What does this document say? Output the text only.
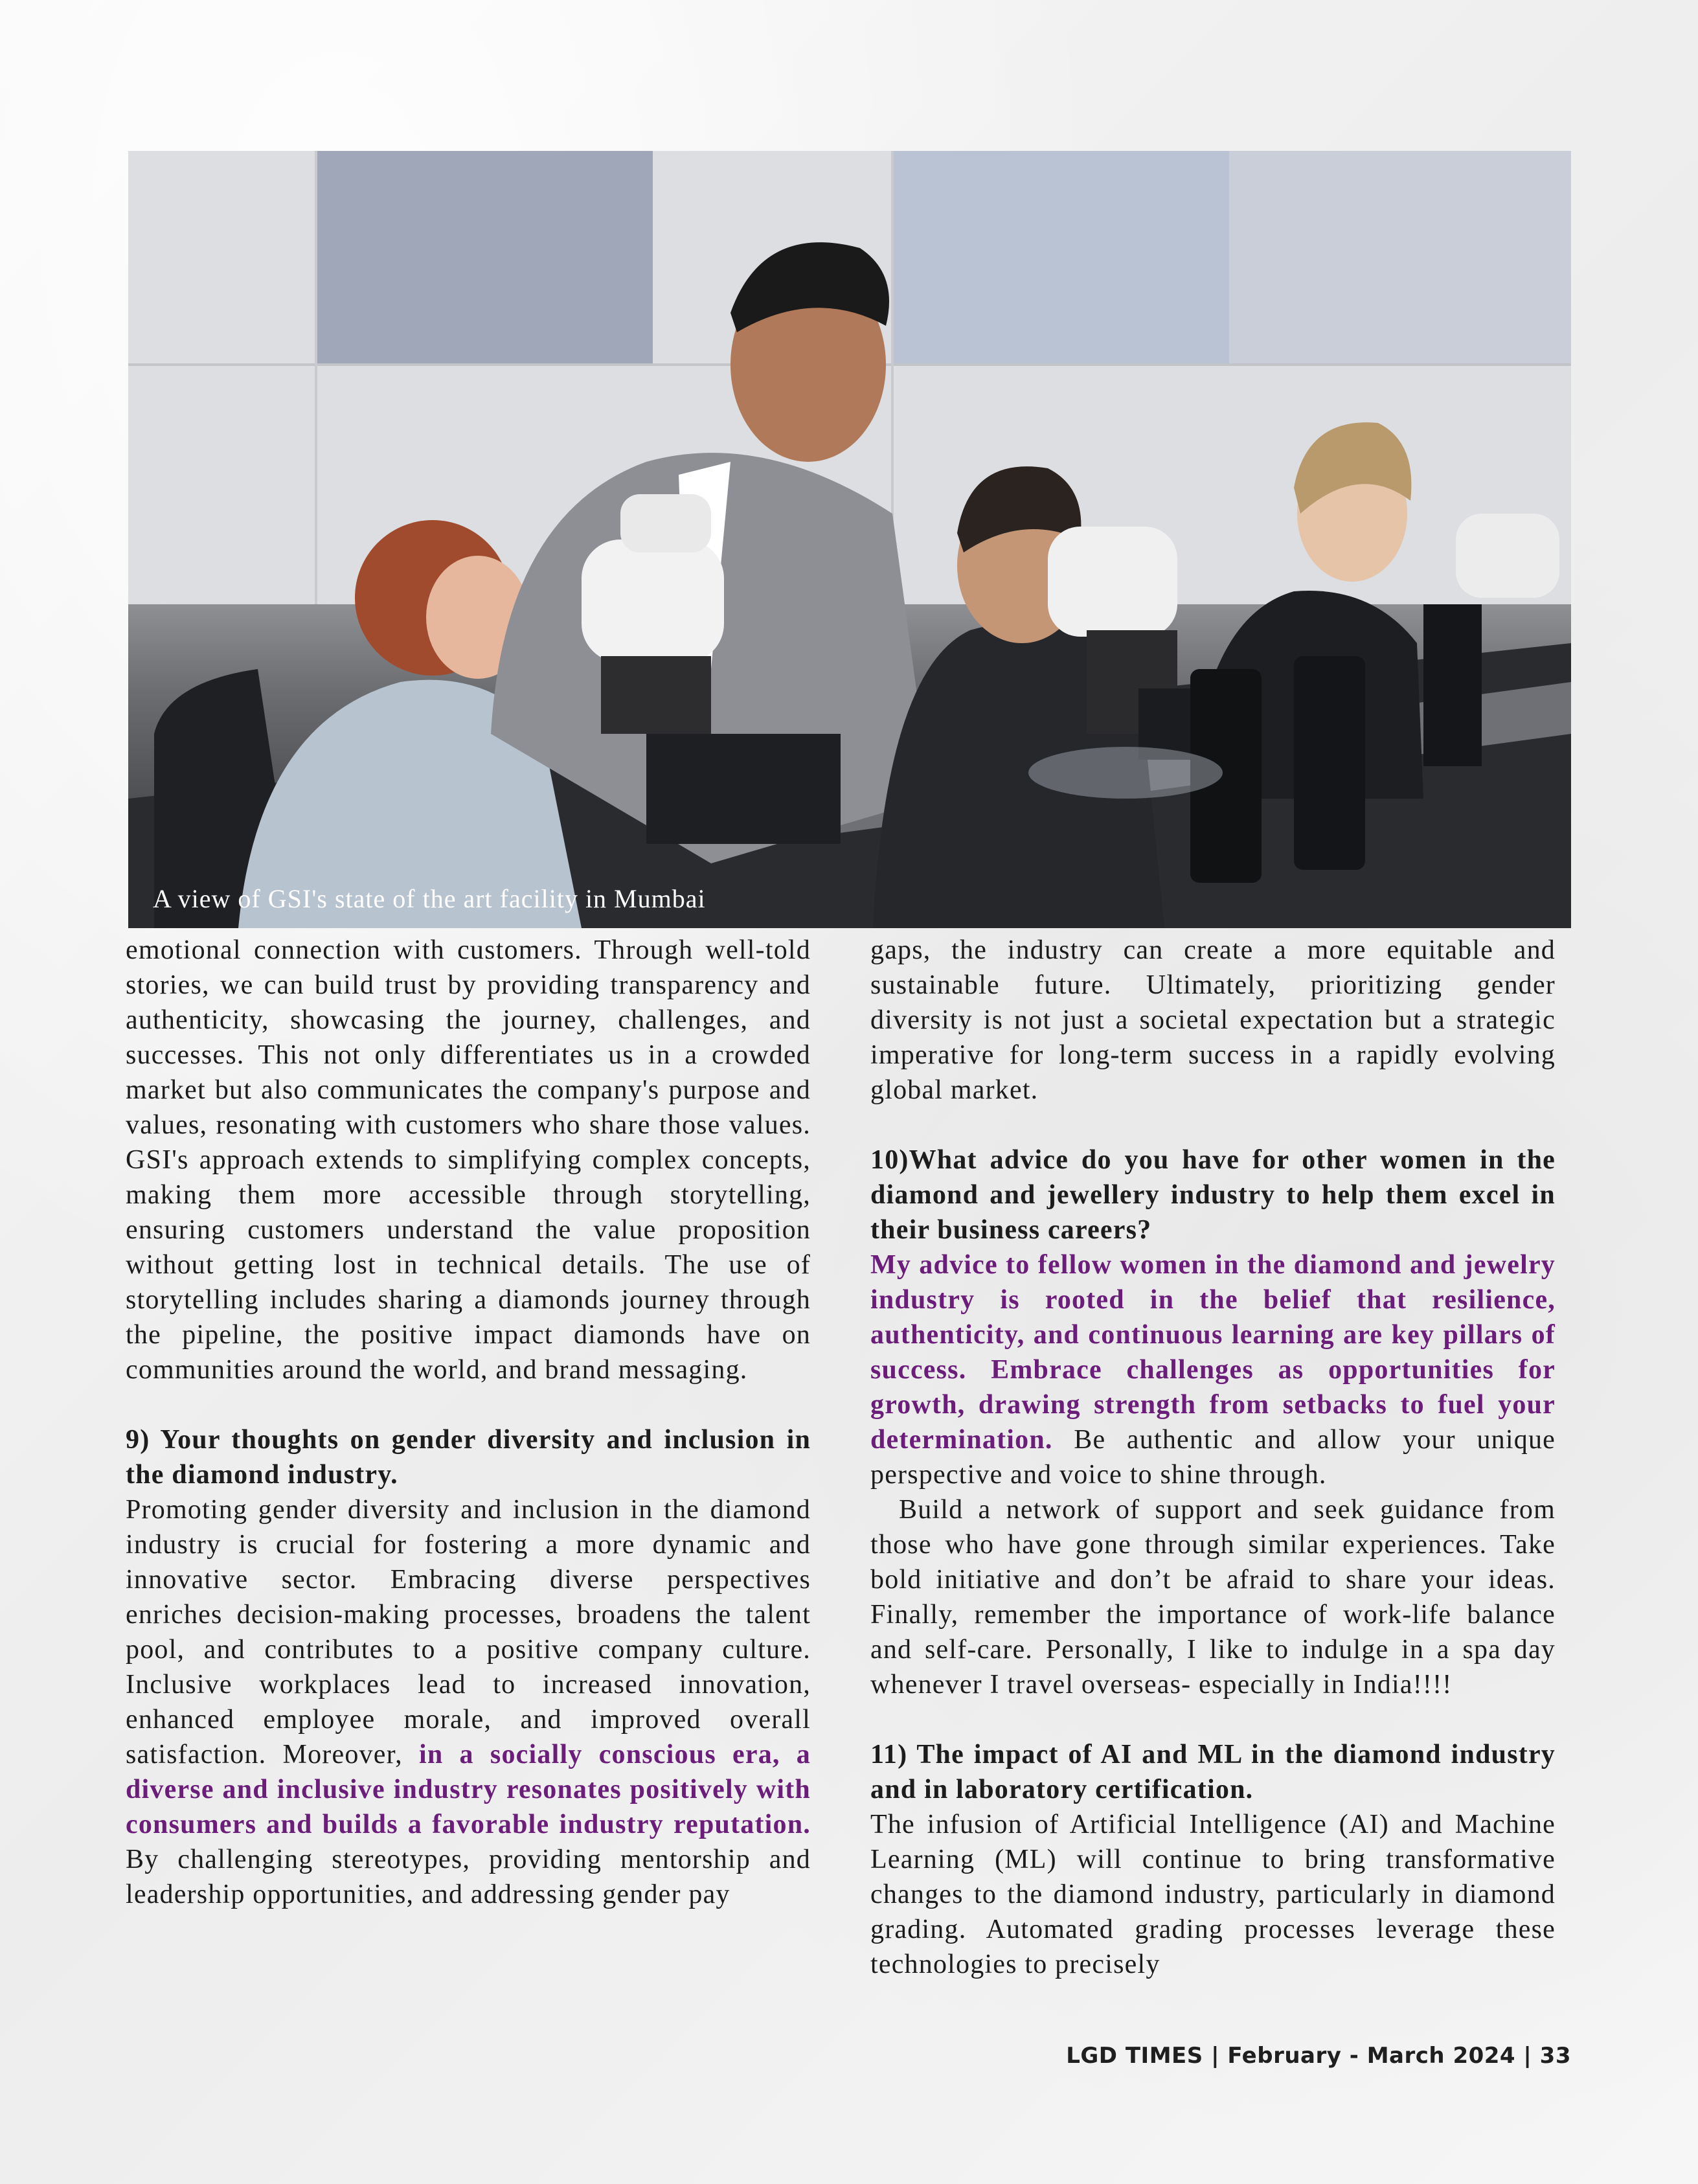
A view of GSI's state of the art facility in Mumbai

emotional connection with customers. Through well-told stories, we can build trust by providing transparency and authenticity, showcasing the journey, challenges, and successes. This not only differentiates us in a crowded market but also communicates the company's purpose and values, resonating with customers who share those values. GSI's approach extends to simplifying complex concepts, making them more accessible through storytelling, ensuring customers understand the value proposition without getting lost in technical details. The use of storytelling includes sharing a diamonds journey through the pipeline, the positive impact diamonds have on communities around the world, and brand messaging.

9) Your thoughts on gender diversity and inclusion in the diamond industry.

Promoting gender diversity and inclusion in the diamond industry is crucial for fostering a more dynamic and innovative sector. Embracing diverse perspectives enriches decision-making processes, broadens the talent pool, and contributes to a positive company culture. Inclusive workplaces lead to increased innovation, enhanced employee morale, and improved overall satisfaction. Moreover, in a socially conscious era, a diverse and inclusive industry resonates positively with consumers and builds a favorable industry reputation. By challenging stereotypes, providing mentorship and leadership opportunities, and addressing gender pay

gaps, the industry can create a more equitable and sustainable future. Ultimately, prioritizing gender diversity is not just a societal expectation but a strategic imperative for long-term success in a rapidly evolving global market.

10)What advice do you have for other women in the diamond and jewellery industry to help them excel in their business careers?

My advice to fellow women in the diamond and jewelry industry is rooted in the belief that resilience, authenticity, and continuous learning are key pillars of success. Embrace challenges as opportunities for growth, drawing strength from setbacks to fuel your determination. Be authentic and allow your unique perspective and voice to shine through.

Build a network of support and seek guidance from those who have gone through similar experiences. Take bold initiative and don’t be afraid to share your ideas. Finally, remember the importance of work-life balance and self-care. Personally, I like to indulge in a spa day whenever I travel overseas- especially in India!!!!

11) The impact of AI and ML in the diamond industry and in laboratory certification.

The infusion of Artificial Intelligence (AI) and Machine Learning (ML) will continue to bring transformative changes to the diamond industry, particularly in diamond grading. Automated grading processes leverage these technologies to precisely

LGD TIMES | February - March 2024 | 33
